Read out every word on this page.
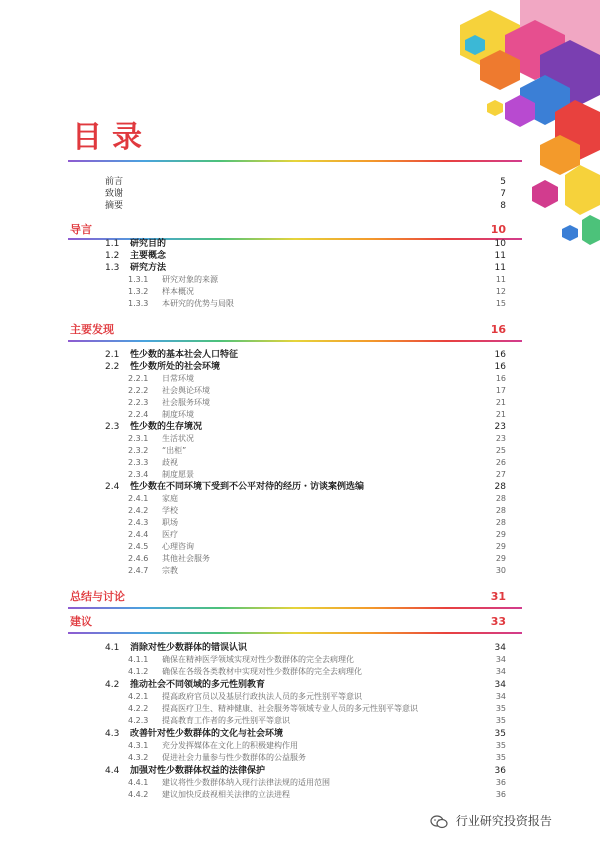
目录
前言	5
致谢	7
摘要	8
导言	10
1.1 研究目的	10
1.2 主要概念	11
1.3 研究方法	11
1.3.1 研究对象的来源	11
1.3.2 样本概况	12
1.3.3 本研究的优势与局限	15
主要发现	16
2.1 性少数的基本社会人口特征	16
2.2 性少数所处的社会环境	16
2.2.1 日常环境	16
2.2.2 社会舆论环境	17
2.2.3 社会服务环境	21
2.2.4 制度环境	21
2.3 性少数的生存境况	23
2.3.1 生活状况	23
2.3.2 “出柜”	25
2.3.3 歧视	26
2.3.4 制度愿景	27
2.4 性少数在不同环境下受到不公平对待的经历・访谈案例选编	28
2.4.1 家庭	28
2.4.2 学校	28
2.4.3 职场	28
2.4.4 医疗	29
2.4.5 心理咨询	29
2.4.6 其他社会服务	29
2.4.7 宗教	30
总结与讨论	31
建议	33
4.1 消除对性少数群体的错误认识	34
4.1.1 确保在精神医学领域实现对性少数群体的完全去病理化	34
4.1.2 确保在各级各类教材中实现对性少数群体的完全去病理化	34
4.2 推动社会不同领域的多元性别教育	34
4.2.1 提高政府官员以及基层行政执法人员的多元性别平等意识	34
4.2.2 提高医疗卫生、精神健康、社会服务等领域专业人员的多元性别平等意识	35
4.2.3 提高教育工作者的多元性别平等意识	35
4.3 改善针对性少数群体的文化与社会环境	35
4.3.1 充分发挥媒体在文化上的积极建构作用	35
4.3.2 促进社会力量参与性少数群体的公益服务	35
4.4 加强对性少数群体权益的法律保护	36
4.4.1 建议将性少数群体纳入现行法律法规的适用范围	36
4.4.2 建议加快反歧视相关法律的立法进程	36
行业研究投资报告
